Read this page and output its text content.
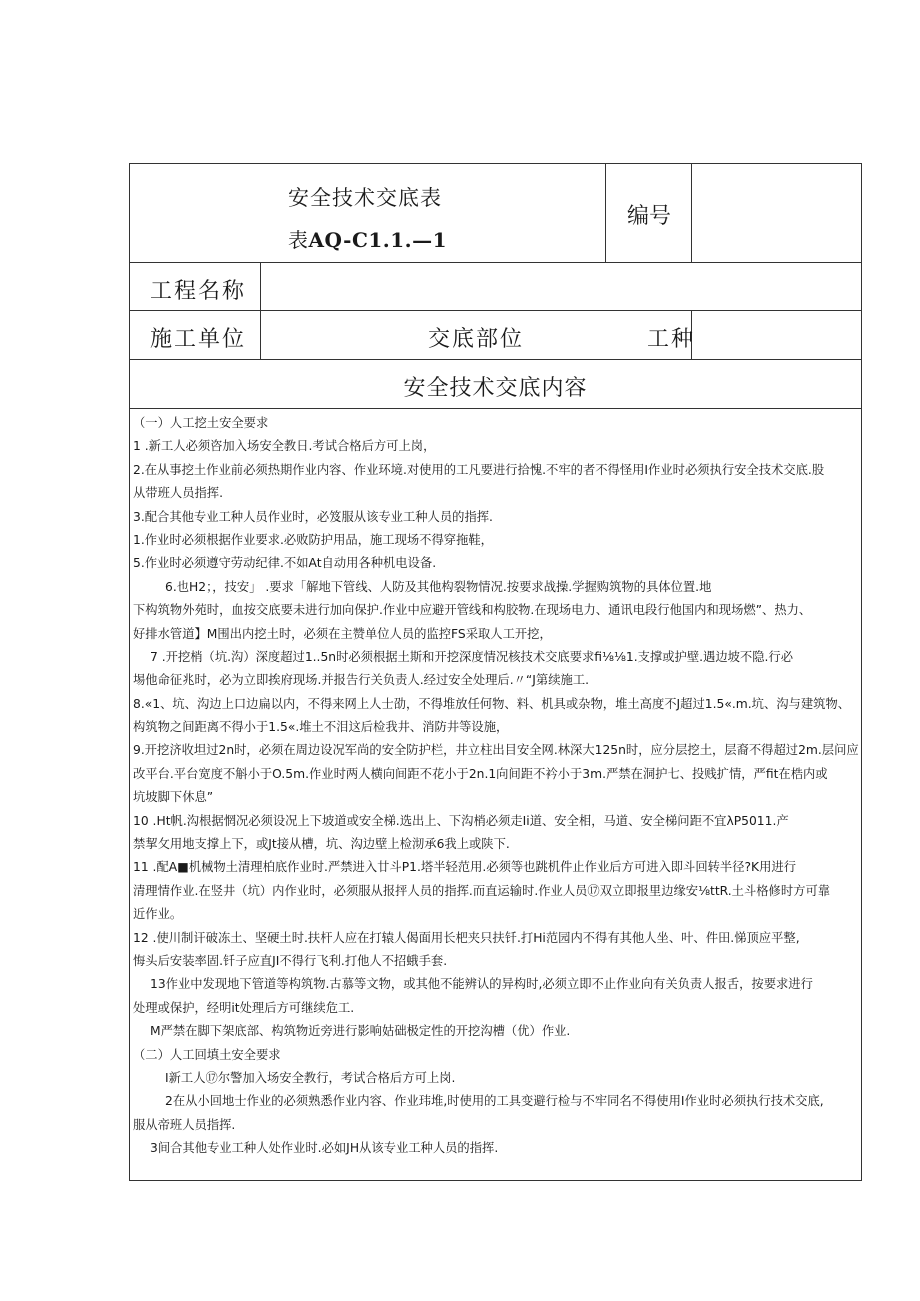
安全技术交底表
表AQ-C1.1.—1
编号
工程名称
施工单位	交底部位	工种
安全技术交底内容
（一）人工挖土安全要求
1 .新工人必须咨加入场安全教日.考试合格后方可上岗，
2.在从事挖土作业前必须热期作业内容、作业环境.对使用的工凡要进行拾愧.不牢的者不得怪用I作业时必须执行安全技术交底.股
从带班人员指挥.
3.配合其他专业工种人员作业时，必笈服从该专业工种人员的指挥.
1.作业时必须根据作业要求.必败防护用品，施工现场不得穿拖鞋，
5.作业时必须遵守劳动纪律.不如At自动用各种机电设备.
6.也H2；，技安」 .要求「解地下管线、人防及其他构裂物情况.按要求战操.学握购筑物的具体位置.地
下构筑物外苑时，血按交底要未进行加向保护.作业中应避开管线和构胶物.在现场电力、通讯电段行他国内和现场燃”、热力、
好排水管道】M围出内挖土时，必须在主赞单位人员的监控FS采取人工开挖，
7 .开挖梢（坑.沟）深度超过1..5n时必须根据土斯和开挖深度情况核技术交底要求fi⅛⅛1.支撑或护壁.遇边坡不隐.行必
埸他命征兆时，必为立即挨府现场.并报告行关负责人.经过安全处理后.〃“J第续施工.
8.«1、坑、沟边上口边扁以内，不得来网上人士劭，不得堆放任何物、料、机具或杂物，堆土高度不J超过1.5«.m.坑、沟与建筑物、
构筑物之间距离不得小于1.5«.堆土不泪这后检我井、消防井等设施，
9.开挖济收坦过2n时，必须在周边设况军尚的安全防护栏，井立柱出目安全网.林深大125n时，应分层挖土，层裔不得超过2m.层问应
改平台.平台宽度不斛小于O.5m.作业时两人横向间距不花小于2n.1向间距不衿小于3m.严禁在洞护七、投贱扩情，严fit在梏内或
坑坡脚下休息”
10 .Ht帆.沟根据惘况必须设况上下坡道或安全梯.选出上、下沟梢必须走Ii道、安全相，马道、安全梯问距不宜λP5011.产
禁挈攵用地支撑上下，或Jt接从槽，坑、沟边壁上检沏承6我上或陕下.
11 .配A■机械物土清理柏底作业时.严禁进入廿斗P1.塔半轻范用.必须等也跳机件止作业后方可进入即斗回转半径?K用进行
清理情作业.在竖井（坑）内作业时，必须服从报抨人员的指挥.而直运输时.作业人员⑰双立即报里边缘安⅛ttR.土斗格修时方可靠
近作业。
12 .使川制讦破冻土、坚硬土时.扶杆人应在打辕人偈面用长杷夹只扶钎.打Hi范园内不得有其他人坐、叶、件田.悌顶应平整,
悔头后安装率固.钎子应直JI不得行飞利.打他人不招蛾手套.
13作业中发现地下管道等构筑物.古慕等文物，或其他不能辨认的异构时,必须立即不止作业向有关负责人报舌，按要求进行
处理或保护，经明it处理后方可继续危工.
M严禁在脚下架底部、构筑物近旁进行影响姑础极定性的开挖沟槽（优）作业.
（二）人工回填土安全要求
I新工人⑰尔警加入场安全教行，考试合格后方可上岗.
2在从小回地士作业的必须熟悉作业内容、作业玮堆,时使用的工具变避行检与不牢同名不得使用I作业时必须执行技术交底,
服从帝班人员指挥.
3间合其他专业工种人处作业时.必如JH从该专业工种人员的指挥.
